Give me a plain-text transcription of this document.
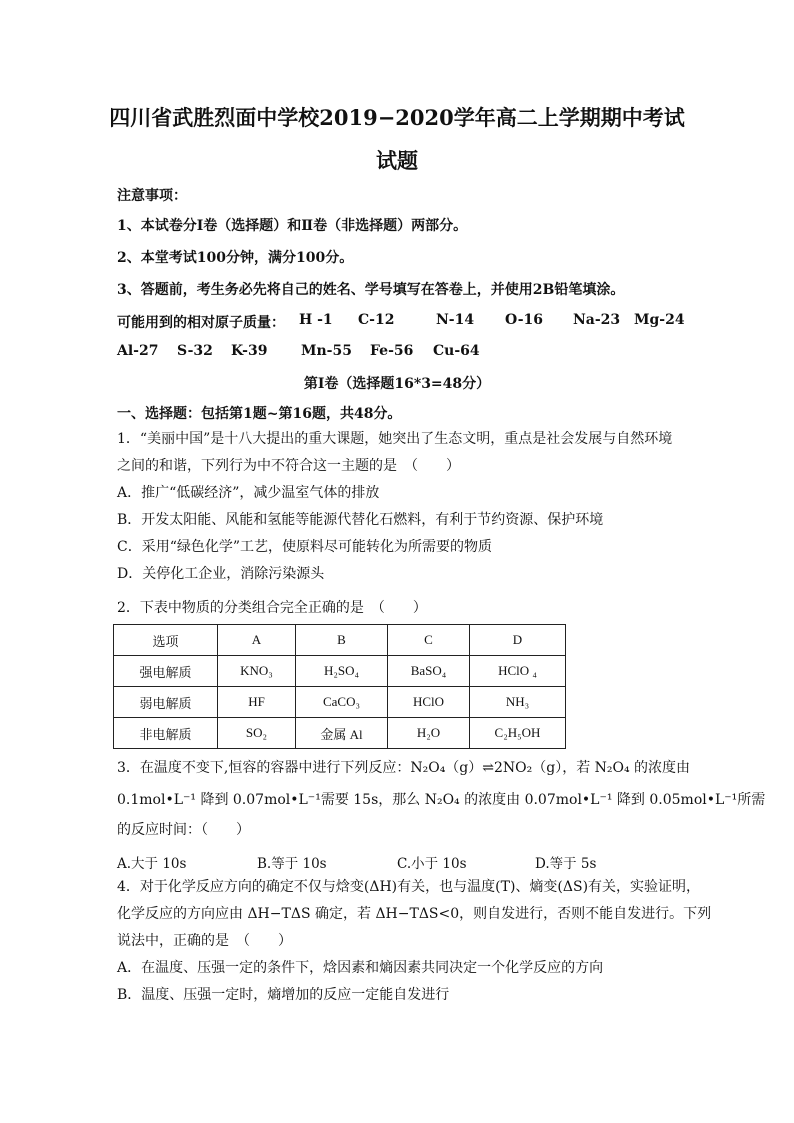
四川省武胜烈面中学校2019−2020学年高二上学期期中考试
试题
注意事项：
1、本试卷分Ⅰ卷（选择题）和Ⅱ卷（非选择题）两部分。
2、本堂考试100分钟，满分100分。
3、答题前，考生务必先将自己的姓名、学号填写在答卷上，并使用2B铅笔填涂。
可能用到的相对原子质量： H -1 C-12	N-14 O-16 Na-23 Mg-24
Al-27 S-32 K-39 Mn-55 Fe-56 Cu-64
第Ⅰ卷（选择题16*3=48分）
一、选择题：包括第1题~第16题，共48分。
1．“美丽中国”是十八大提出的重大课题，她突出了生态文明，重点是社会发展与自然环境
之间的和谐，下列行为中不符合这一主题的是　（　　）
A．推广“低碳经济”，减少温室气体的排放
B．开发太阳能、风能和氢能等能源代替化石燃料，有利于节约资源、保护环境
C．采用“绿色化学”工艺，使原料尽可能转化为所需要的物质
D．关停化工企业，消除污染源头
2．下表中物质的分类组合完全正确的是　（　　）
选项	A	B	C	D
强电解质	KNO₃	H₂SO₄	BaSO₄	HClO ₄
弱电解质	HF	CaCO₃	HClO	NH₃
非电解质	SO₂	金属 Al	H₂O	C₂H₅OH
3．在温度不变下,恒容的容器中进行下列反应：N₂O₄（g）⇌2NO₂（g），若 N₂O₄ 的浓度由
0.1mol•L⁻¹ 降到 0.07mol•L⁻¹需要 15s，那么 N₂O₄ 的浓度由 0.07mol•L⁻¹ 降到 0.05mol•L⁻¹所需
的反应时间：（　　）
A.大于 10s	B.等于 10s	C.小于 10s	D.等于 5s
4．对于化学反应方向的确定不仅与焓变(ΔH)有关，也与温度(T)、熵变(ΔS)有关，实验证明，
化学反应的方向应由 ΔH−TΔS 确定，若 ΔH−TΔS<0，则自发进行，否则不能自发进行。下列
说法中，正确的是　（　　）
A．在温度、压强一定的条件下，焓因素和熵因素共同决定一个化学反应的方向
B．温度、压强一定时，熵增加的反应一定能自发进行
